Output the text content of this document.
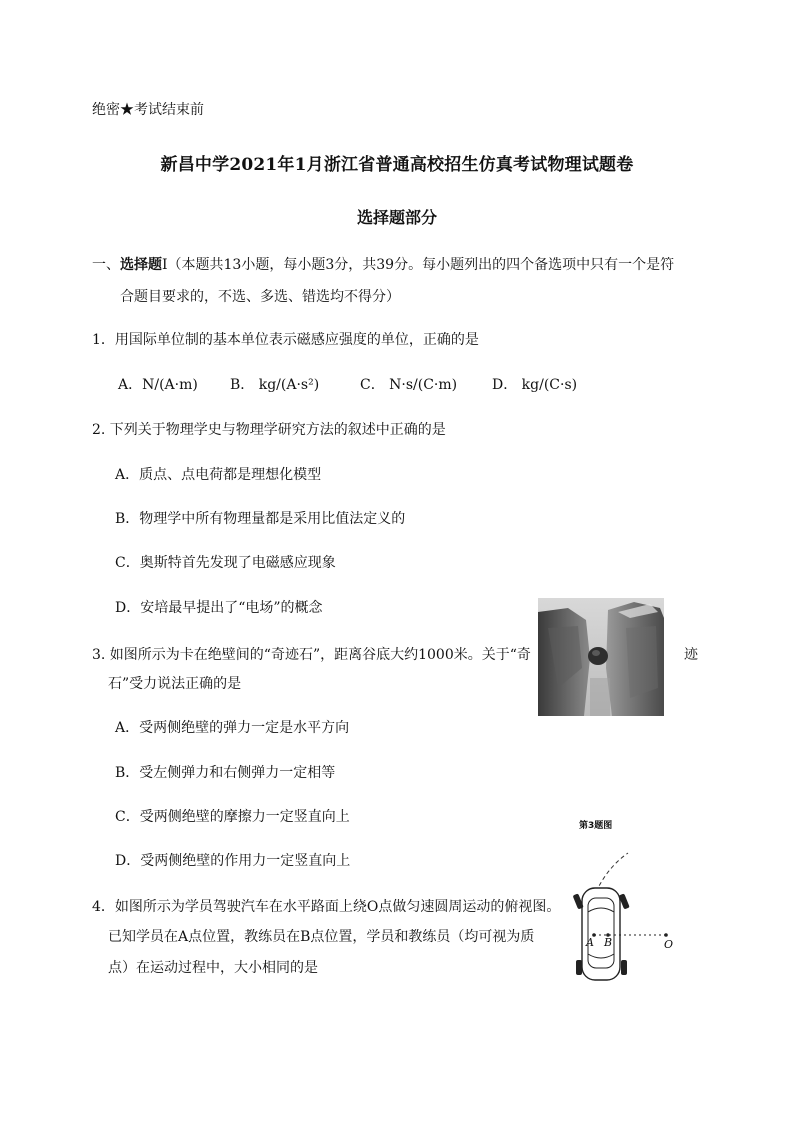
绝密★考试结束前
新昌中学2021年1月浙江省普通高校招生仿真考试物理试题卷
选择题部分
一、选择题Ⅰ（本题共13小题，每小题3分，共39分。每小题列出的四个备选项中只有一个是符
合题目要求的，不选、多选、错选均不得分）
1．用国际单位制的基本单位表示磁感应强度的单位，正确的是
A．N/(A·m) B． kg/(A·s²)	C． N·s/(C·m) D． kg/(C·s)
2. 下列关于物理学史与物理学研究方法的叙述中正确的是
A．质点、点电荷都是理想化模型
B．物理学中所有物理量都是采用比值法定义的
C．奥斯特首先发现了电磁感应现象
D．安培最早提出了“电场”的概念
3. 如图所示为卡在绝壁间的“奇迹石”，距离谷底大约1000米。关于“奇	迹
石”受力说法正确的是
A．受两侧绝壁的弹力一定是水平方向
B．受左侧弹力和右侧弹力一定相等
C．受两侧绝壁的摩擦力一定竖直向上
D．受两侧绝壁的作用力一定竖直向上
第3题图
4．如图所示为学员驾驶汽车在水平路面上绕O点做匀速圆周运动的俯视图。
已知学员在A点位置，教练员在B点位置，学员和教练员（均可视为质
点）在运动过程中，大小相同的是
A B	O
